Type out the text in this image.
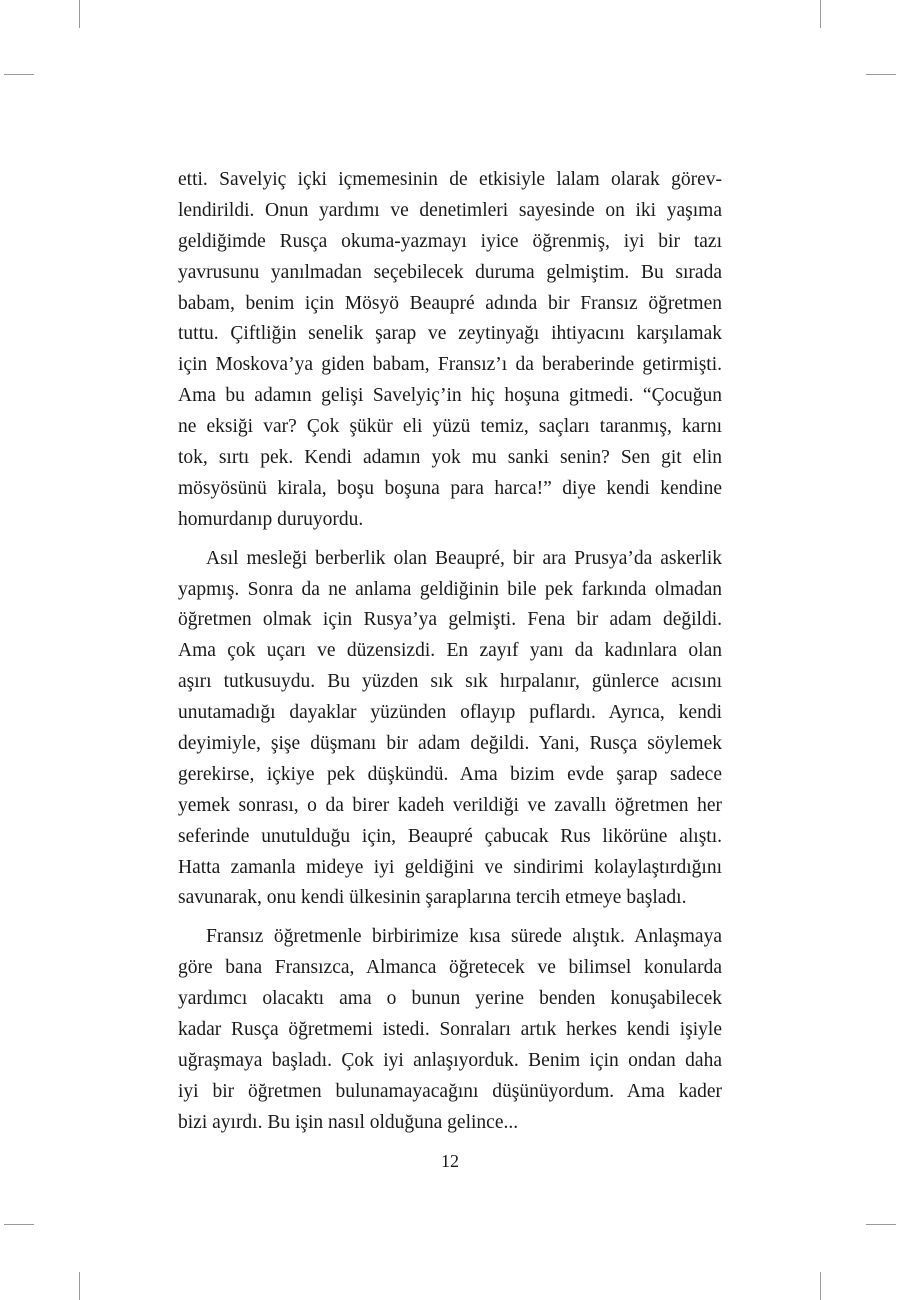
etti. Savelyiç içki içmemesinin de etkisiyle lalam olarak görev-
lendirildi. Onun yardımı ve denetimleri sayesinde on iki yaşıma
geldiğimde Rusça okuma-yazmayı iyice öğrenmiş, iyi bir tazı
yavrusunu yanılmadan seçebilecek duruma gelmiştim. Bu sırada
babam, benim için Mösyö Beaupré adında bir Fransız öğretmen
tuttu. Çiftliğin senelik şarap ve zeytinyağı ihtiyacını karşılamak
için Moskova’ya giden babam, Fransız’ı da beraberinde getirmişti.
Ama bu adamın gelişi Savelyiç’in hiç hoşuna gitmedi. “Çocuğun
ne eksiği var? Çok şükür eli yüzü temiz, saçları taranmış, karnı
tok, sırtı pek. Kendi adamın yok mu sanki senin? Sen git elin
mösyösünü kirala, boşu boşuna para harca!” diye kendi kendine
homurdanıp duruyordu.
Asıl mesleği berberlik olan Beaupré, bir ara Prusya’da askerlik
yapmış. Sonra da ne anlama geldiğinin bile pek farkında olmadan
öğretmen olmak için Rusya’ya gelmişti. Fena bir adam değildi.
Ama çok uçarı ve düzensizdi. En zayıf yanı da kadınlara olan
aşırı tutkusuydu. Bu yüzden sık sık hırpalanır, günlerce acısını
unutamadığı dayaklar yüzünden oflayıp puflardı. Ayrıca, kendi
deyimiyle, şişe düşmanı bir adam değildi. Yani, Rusça söylemek
gerekirse, içkiye pek düşkündü. Ama bizim evde şarap sadece
yemek sonrası, o da birer kadeh verildiği ve zavallı öğretmen her
seferinde unutulduğu için, Beaupré çabucak Rus likörüne alıştı.
Hatta zamanla mideye iyi geldiğini ve sindirimi kolaylaştırdığını
savunarak, onu kendi ülkesinin şaraplarına tercih etmeye başladı.
Fransız öğretmenle birbirimize kısa sürede alıştık. Anlaşmaya
göre bana Fransızca, Almanca öğretecek ve bilimsel konularda
yardımcı olacaktı ama o bunun yerine benden konuşabilecek
kadar Rusça öğretmemi istedi. Sonraları artık herkes kendi işiyle
uğraşmaya başladı. Çok iyi anlaşıyorduk. Benim için ondan daha
iyi bir öğretmen bulunamayacağını düşünüyordum. Ama kader
bizi ayırdı. Bu işin nasıl olduğuna gelince...
12
